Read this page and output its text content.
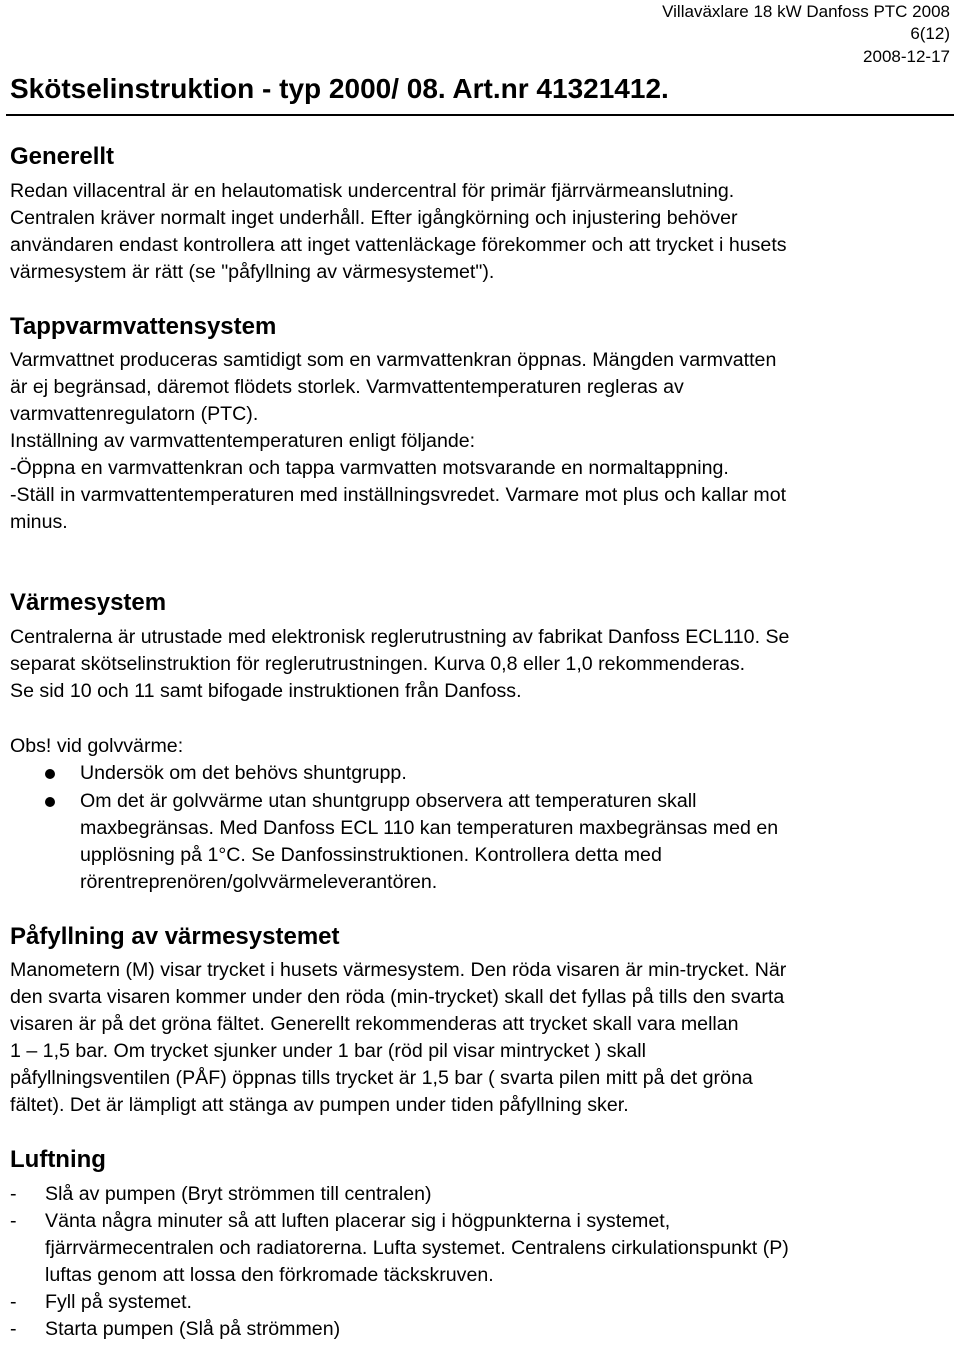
Villaväxlare 18 kW Danfoss PTC 2008
6(12)
2008-12-17
Skötselinstruktion - typ 2000/ 08. Art.nr 41321412.
Generellt
Redan villacentral är en helautomatisk undercentral för primär fjärrvärmeanslutning.
Centralen kräver normalt inget underhåll. Efter igångkörning och injustering behöver
användaren endast kontrollera att inget vattenläckage förekommer och att trycket i husets
värmesystem är rätt (se "påfyllning av värmesystemet").
Tappvarmvattensystem
Varmvattnet produceras samtidigt som en varmvattenkran öppnas. Mängden varmvatten
är ej begränsad, däremot flödets storlek. Varmvattentemperaturen regleras av
varmvattenregulatorn (PTC).
Inställning av varmvattentemperaturen enligt följande:
-Öppna en varmvattenkran och tappa varmvatten motsvarande en normaltappning.
-Ställ in varmvattentemperaturen med inställningsvredet. Varmare mot plus och kallar mot
minus.
Värmesystem
Centralerna är utrustade med elektronisk reglerutrustning av fabrikat Danfoss ECL110. Se
separat skötselinstruktion för reglerutrustningen. Kurva 0,8 eller 1,0 rekommenderas.
Se sid 10 och 11 samt bifogade instruktionen från Danfoss.
Obs! vid golvvärme:
Undersök om det behövs shuntgrupp.
Om det är golvvärme utan shuntgrupp observera att temperaturen skall
maxbegränsas. Med Danfoss ECL 110 kan temperaturen maxbegränsas med en
upplösning på 1°C. Se Danfossinstruktionen. Kontrollera detta med
rörentreprenören/golvvärmeleverantören.
Påfyllning av värmesystemet
Manometern (M) visar trycket i husets värmesystem. Den röda visaren är min-trycket. När
den svarta visaren kommer under den röda (min-trycket) skall det fyllas på tills den svarta
visaren är på det gröna fältet. Generellt rekommenderas att trycket skall vara mellan
1 – 1,5 bar. Om trycket sjunker under 1 bar (röd pil visar mintrycket ) skall
påfyllningsventilen (PÅF) öppnas tills trycket är 1,5 bar ( svarta pilen mitt på det gröna
fältet). Det är lämpligt att stänga av pumpen under tiden påfyllning sker.
Luftning
- Slå av pumpen (Bryt strömmen till centralen)
- Vänta några minuter så att luften placerar sig i högpunkterna i systemet,
fjärrvärmecentralen och radiatorerna. Lufta systemet. Centralens cirkulationspunkt (P)
luftas genom att lossa den förkromade täckskruven.
- Fyll på systemet.
- Starta pumpen (Slå på strömmen)
